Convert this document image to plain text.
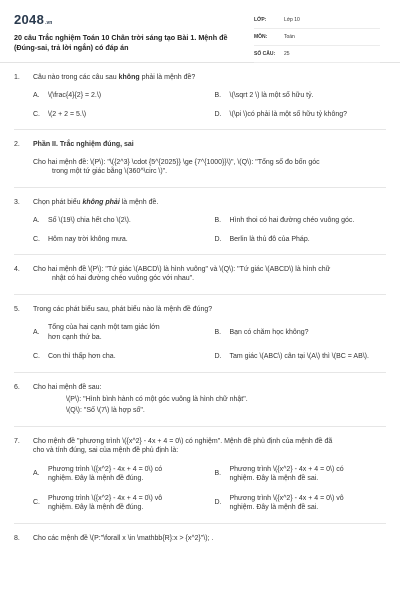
2048 .vn
20 câu Trắc nghiệm Toán 10 Chân trời sáng tạo Bài 1. Mệnh đề (Đúng-sai, trả lời ngắn) có đáp án
LỚP:	Lớp 10
MÔN:	Toán
SỐ CÂU:	25
1.	Câu nào trong các câu sau không phải là mệnh đề?
A.	\(\frac{4}{2} = 2.\)	B.	\(\sqrt 2 \) là một số hữu tỷ.
C.	\(2 + 2 = 5.\)	D.	\(\pi \)có phải là một số hữu tỷ không?
2.	Phần II. Trắc nghiệm đúng, sai
Cho hai mệnh đề: \(P\): "\({2^3} \cdot {5^{2025}} \ge {7^{1000}}\)", \(Q\): "Tổng số đo bốn góc
trong một tứ giác bằng \(360^\circ \)".
3.	Chọn phát biểu không phải là mệnh đề.
A.	Số \(19\) chia hết cho \(2\).	B.	Hình thoi có hai đường chéo vuông góc.
C.	Hôm nay trời không mưa.	D.	Berlin là thủ đô của Pháp.
4.	Cho hai mệnh đề \(P\): "Tứ giác \(ABCD\) là hình vuông" và \(Q\): "Tứ giác \(ABCD\) là hình chữ
nhật có hai đường chéo vuông góc với nhau".
5.	Trong các phát biểu sau, phát biểu nào là mệnh đề đúng?
A.
Tổng của hai cạnh một tam giác lớn hơn cạnh thứ ba.
B.	Bạn có chăm học không?
C.	Con thì thấp hơn cha.	D.	Tam giác \(ABC\) cân tại \(A\) thì \(BC = AB\).
6.	Cho hai mệnh đề sau:
\(P\): "Hình bình hành có một góc vuông là hình chữ nhật".
\(Q\): "Số \(7\) là hợp số".
7.	Cho mệnh đề "phương trình \({x^2} - 4x + 4 = 0\) có nghiệm". Mệnh đề phủ định của mệnh đề đã
cho và tính đúng, sai của mệnh đề phủ định là:
A.
Phương trình \({x^2} - 4x + 4 = 0\) có nghiệm. Đây là mệnh đề đúng.
B.
Phương trình \({x^2} - 4x + 4 = 0\) có nghiệm. Đây là mệnh đề sai.
C.
Phương trình \({x^2} - 4x + 4 = 0\) vô nghiệm. Đây là mệnh đề đúng.
D.
Phương trình \({x^2} - 4x + 4 = 0\) vô nghiệm. Đây là mệnh đề sai.
8.	Cho các mệnh đề \(P:"\forall x \in \mathbb{R}:x > {x^2}"\); .
